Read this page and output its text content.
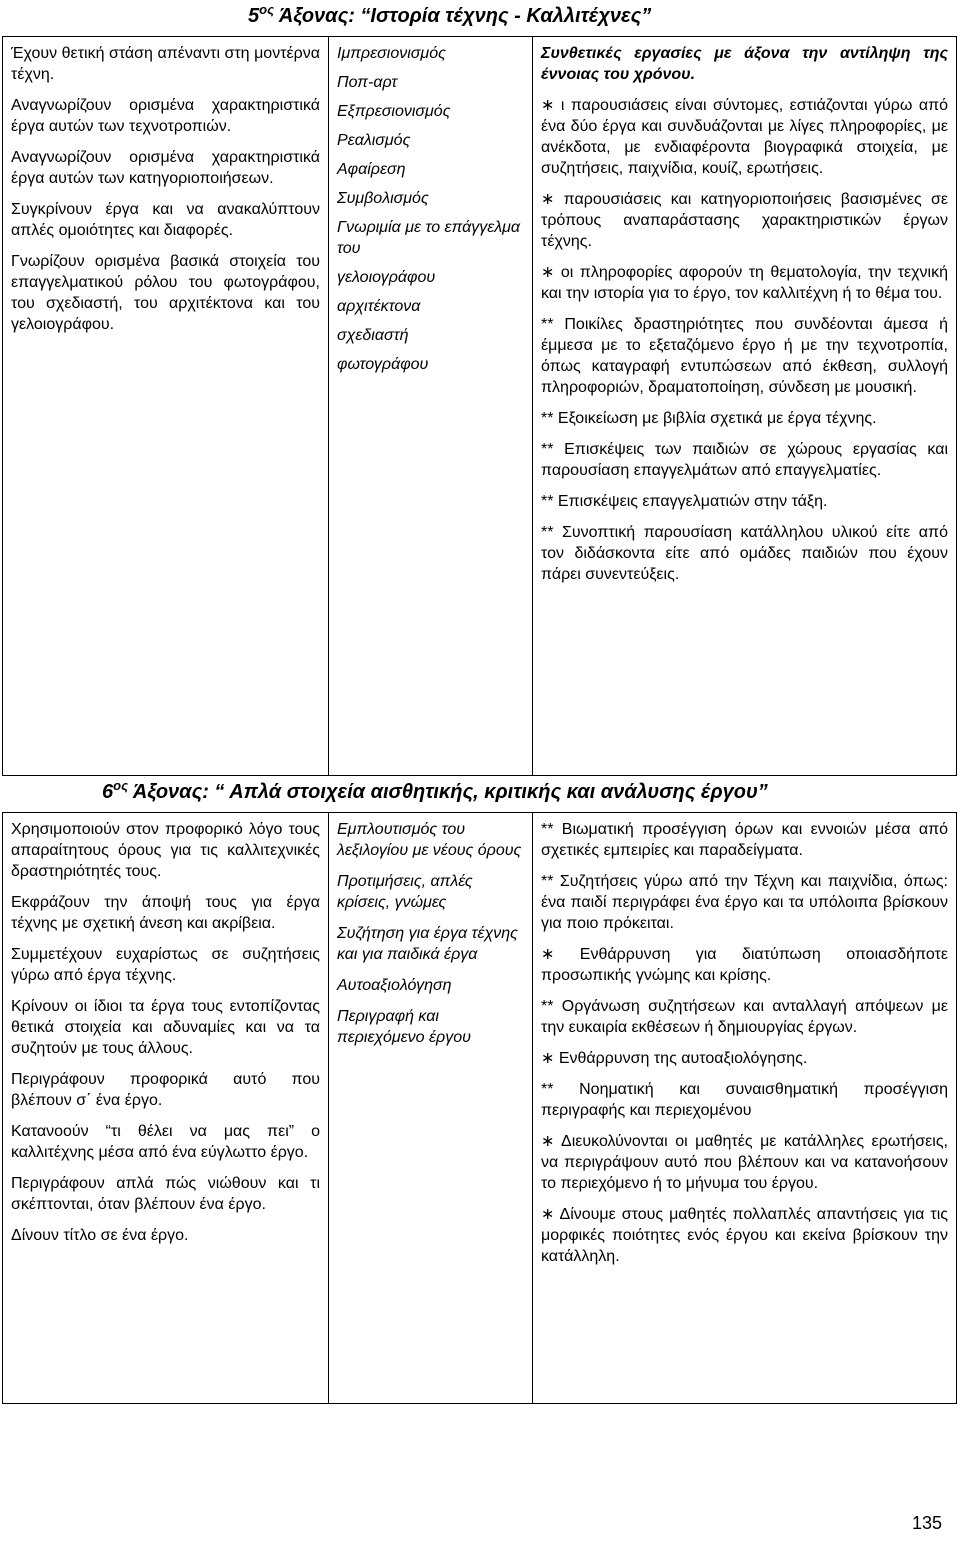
$5^{o\varsigma}$ Άξονας: “Ιστορία τέχνης - Καλλιτέχνες”

Έχουν θετική στάση απέναντι στη μοντέρνα τέχνη.

Αναγνωρίζουν ορισμένα χαρακτηριστικά έργα αυτών των τεχνοτροπιών.

Αναγνωρίζουν ορισμένα χαρακτηριστικά έργα αυτών των κατηγοριοποιήσεων.

Συγκρίνουν έργα και να ανακαλύπτουν απλές ομοιότητες και διαφορές.

Γνωρίζουν ορισμένα βασικά στοιχεία του επαγγελματικού ρόλου του φωτογράφου, του σχεδιαστή, του αρχιτέκτονα και του γελοιογράφου.

Ιμπρεσιονισμός

Ποπ-αρτ

Εξπρεσιονισμός

Ρεαλισμός

Αφαίρεση

Συμβολισμός

Γνωριμία με το επάγγελμα του

γελοιογράφου

αρχιτέκτονα

σχεδιαστή

φωτογράφου

Συνθετικές εργασίες με άξονα την αντίληψη της έννοιας του χρόνου.

∗ ι παρουσιάσεις είναι σύντομες, εστιάζονται γύρω από ένα δύο έργα και συνδυάζονται με λίγες πληροφορίες, με ανέκδοτα, με ενδιαφέροντα βιογραφικά στοιχεία, με συζητήσεις, παιχνίδια, κουίζ, ερωτήσεις.

∗ παρουσιάσεις και κατηγοριοποιήσεις βασισμένες σε τρόπους αναπαράστασης χαρακτηριστικών έργων τέχνης.

∗ οι πληροφορίες αφορούν τη θεματολογία, την τεχνική και την ιστορία για το έργο, τον καλλιτέχνη ή το θέμα του.

** Ποικίλες δραστηριότητες που συνδέονται άμεσα ή έμμεσα με το εξεταζόμενο έργο ή με την τεχνοτροπία, όπως καταγραφή εντυπώσεων από έκθεση, συλλογή πληροφοριών, δραματοποίηση, σύνδεση με μουσική.

** Εξοικείωση με βιβλία σχετικά με έργα τέχνης.

** Επισκέψεις των παιδιών σε χώρους εργασίας και παρουσίαση επαγγελμάτων από επαγγελματίες.

** Επισκέψεις επαγγελματιών στην τάξη.

** Συνοπτική παρουσίαση κατάλληλου υλικού είτε από τον διδάσκοντα είτε από ομάδες παιδιών που έχουν πάρει συνεντεύξεις.

$6^{o\varsigma}$ Άξονας: “ Απλά στοιχεία αισθητικής, κριτικής και ανάλυσης έργου”

Χρησιμοποιούν στον προφορικό λόγο τους απαραίτητους όρους για τις καλλιτεχνικές δραστηριότητές τους.

Εκφράζουν την άποψή τους για έργα τέχνης με σχετική άνεση και ακρίβεια.

Συμμετέχουν ευχαρίστως σε συζητήσεις γύρω από έργα τέχνης.

Κρίνουν οι ίδιοι τα έργα τους εντοπίζοντας θετικά στοιχεία και αδυναμίες και να τα συζητούν με τους άλλους.

Περιγράφουν προφορικά αυτό που βλέπουν σ΄ ένα έργο.

Κατανοούν “τι θέλει να μας πει” ο καλλιτέχνης μέσα από ένα εύγλωττο έργο.

Περιγράφουν απλά πώς νιώθουν και τι σκέπτονται, όταν βλέπουν ένα έργο.

Δίνουν τίτλο σε ένα έργο.

Εμπλουτισμός του λεξιλογίου με νέους όρους

Προτιμήσεις, απλές κρίσεις, γνώμες

Συζήτηση για έργα τέχνης και για παιδικά έργα

Αυτοαξιολόγηση

Περιγραφή και περιεχόμενο έργου

** Βιωματική προσέγγιση όρων και εννοιών μέσα από σχετικές εμπειρίες και παραδείγματα.

** Συζητήσεις γύρω από την Τέχνη και παιχνίδια, όπως: ένα παιδί περιγράφει ένα έργο και τα υπόλοιπα βρίσκουν για ποιο πρόκειται.

∗ Ενθάρρυνση για διατύπωση οποιασδήποτε προσωπικής γνώμης και κρίσης.

** Οργάνωση συζητήσεων και ανταλλαγή απόψεων με την ευκαιρία εκθέσεων ή δημιουργίας έργων.

∗ Ενθάρρυνση της αυτοαξιολόγησης.

** Νοηματική και συναισθηματική προσέγγιση περιγραφής και περιεχομένου

∗ Διευκολύνονται οι μαθητές με κατάλληλες ερωτήσεις, να περιγράψουν αυτό που βλέπουν και να κατανοήσουν το περιεχόμενο ή το μήνυμα του έργου.

∗ Δίνουμε στους μαθητές πολλαπλές απαντήσεις για τις μορφικές ποιότητες ενός έργου και εκείνα βρίσκουν την κατάλληλη.

135
